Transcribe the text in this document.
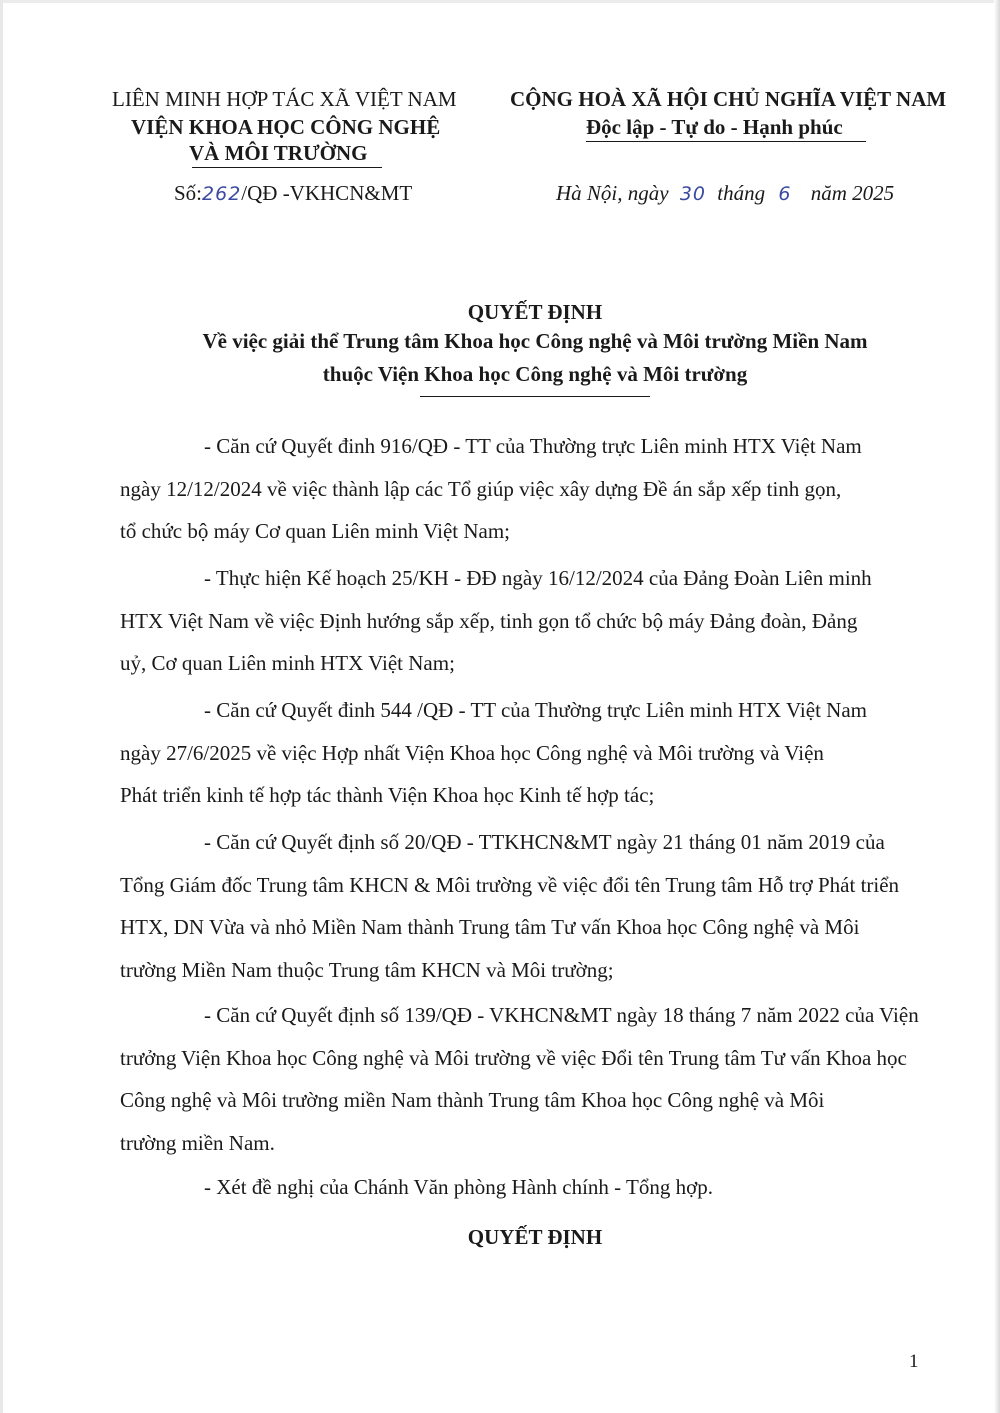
LIÊN MINH HỢP TÁC XÃ VIỆT NAM
VIỆN KHOA HỌC CÔNG NGHỆ
VÀ MÔI TRƯỜNG
Số:262/QĐ -VKHCN&MT
CỘNG HOÀ XÃ HỘI CHỦ NGHĨA VIỆT NAM
Độc lập - Tự do - Hạnh phúc
Hà Nội, ngày 30 tháng 6 năm 2025
QUYẾT ĐỊNH
Về việc giải thể Trung tâm Khoa học Công nghệ và Môi trường Miền Nam
thuộc Viện Khoa học Công nghệ và Môi trường
- Căn cứ Quyết đinh 916/QĐ - TT của Thường trực Liên minh HTX Việt Nam
ngày 12/12/2024 về việc thành lập các Tổ giúp việc xây dựng Đề án sắp xếp tinh gọn,
tổ chức bộ máy Cơ quan Liên minh Việt Nam;
- Thực hiện Kế hoạch 25/KH - ĐĐ ngày 16/12/2024 của Đảng Đoàn Liên minh
HTX Việt Nam về việc Định hướng sắp xếp, tinh gọn tổ chức bộ máy Đảng đoàn, Đảng
uỷ, Cơ quan Liên minh HTX Việt Nam;
- Căn cứ Quyết đinh 544 /QĐ - TT của Thường trực Liên minh HTX Việt Nam
ngày 27/6/2025 về việc Hợp nhất Viện Khoa học Công nghệ và Môi trường và Viện
Phát triển kinh tế hợp tác thành Viện Khoa học Kinh tế hợp tác;
- Căn cứ Quyết định số 20/QĐ - TTKHCN&MT ngày 21 tháng 01 năm 2019 của
Tổng Giám đốc Trung tâm KHCN & Môi trường về việc đổi tên Trung tâm Hỗ trợ Phát triển
HTX, DN Vừa và nhỏ Miền Nam thành Trung tâm Tư vấn Khoa học Công nghệ và Môi
trường Miền Nam thuộc Trung tâm KHCN và Môi trường;
- Căn cứ Quyết định số 139/QĐ - VKHCN&MT ngày 18 tháng 7 năm 2022 của Viện
trưởng Viện Khoa học Công nghệ và Môi trường về việc Đổi tên Trung tâm Tư vấn Khoa học
Công nghệ và Môi trường miền Nam thành Trung tâm Khoa học Công nghệ và Môi
trường miền Nam.
- Xét đề nghị của Chánh Văn phòng Hành chính - Tổng hợp.
QUYẾT ĐỊNH
1
